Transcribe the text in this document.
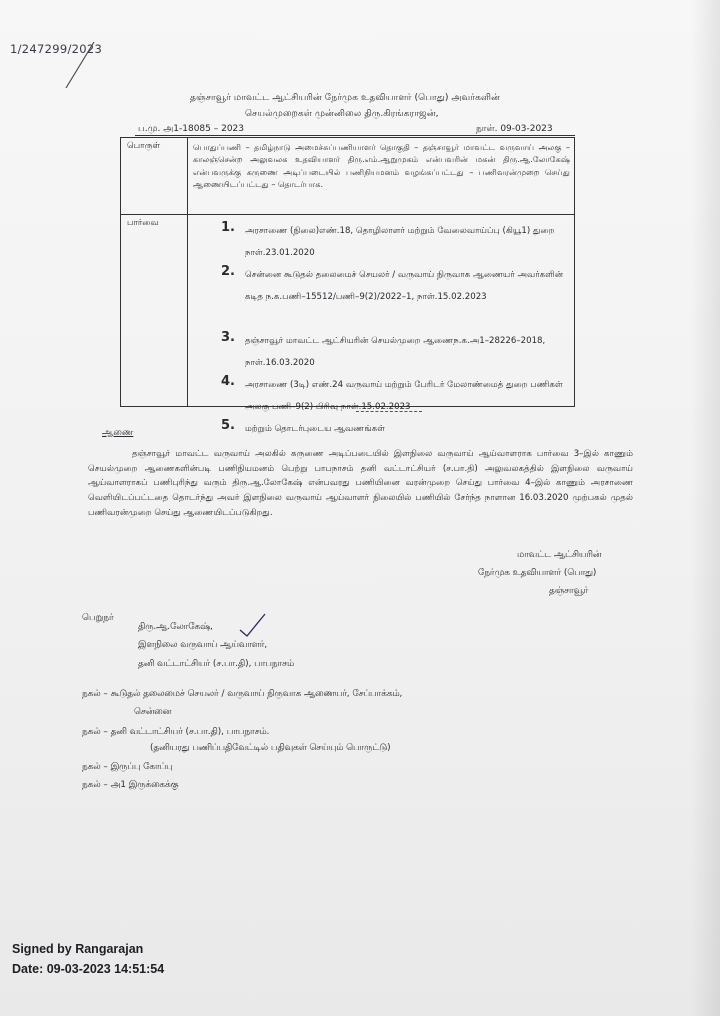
1/247299/2023
தஞ்சாவூர் மாவட்ட ஆட்சியரின் நேர்முக உதவியாளர் (பொது) அவர்களின்
செயல்முறைகள் முன்னிலை திரு.கிரங்கராஜன்,
ப.மு. அ1-18085 – 2023	நாள். 09-03-2023
பொருள்	பொதுப்பணி – தமிழ்நாடு அமைச்சுப்பணியாளர் தொகுதி – தஞ்சாவூர் மாவட்ட வருவாய் அலகு – காலஞ்சென்ற அலுவலக உதவியாளர் திரு.எம்.ஆறுமுகம் என்பவரின் மகன் திரு.ஆ.லோகேஷ் என்பவருக்கு கருணை அடிப்படையில் பணிநியமனம் வழங்கப்பட்டது – பணிவரன்முறை செய்து ஆணையிடப்பட்டது – தொடர்பாக.
பார்வை	1. அரசாணை (நிலை)எண்.18, தொழிலாளர் மற்றும் வேலைவாய்ப்பு (கியூ1) துறை நாள்.23.01.2020
2. சென்னை கூடுதல் தலைமைச் செயலர் / வருவாய் நிருவாக ஆணையர் அவர்களின் கடித ந.க.பணி–15512/பணி–9(2)/2022–1, நாள்.15.02.2023
3. தஞ்சாவூர் மாவட்ட ஆட்சியரின் செயல்முறை ஆணைந.க.அ1–28226–2018, நாள்.16.03.2020
4. அரசாணை (3டி) எண்.24 வருவாய் மற்றும் பேரிடர் மேலாண்மைத் துறை பணிகள் அலகு பணி–9(2) பிரிவு நாள்.15.02.2023
5. மற்றும் தொடர்புடைய ஆவணங்கள்
ஆணை
தஞ்சாவூர் மாவட்ட வருவாய் அலகில் கருணை அடிப்படையில் இளநிலை வருவாய் ஆய்வாளராக பார்வை 3–இல் காணும் செயல்முறை ஆணைகளின்படி பணிநியமனம் பெற்று பாபநாசம் தனி வட்டாட்சியர் (ச.பா.தி) அலுவலகத்தில் இளநிலை வருவாய் ஆய்வாளராகப் பணிபுரிந்து வரும் திரு.ஆ.லோகேஷ் என்பவரது பணியினை வரன்முறை செய்து பார்வை 4–இல் காணும் அரசாணை வெளியிடப்பட்டதை தொடர்ந்து அவர் இளநிலை வருவாய் ஆய்வாளர் நிலையில் பணியில் சேர்ந்த நாளான 16.03.2020 முற்பகல் முதல் பணிவரன்முறை செய்து ஆணையிடப்படுகிறது.
மாவட்ட ஆட்சியரின்
நேர்முக உதவியாளர் (பொது)
தஞ்சாவூர்
பெறுநர்
திரு.ஆ.லோகேஷ்,
இளநிலை வருவாய் ஆய்வாளர்,
தனி வட்டாட்சியர் (ச.பா.தி), பாபநாசம்
நகல் – கூடுதல் தலைமைச் செயலர் / வருவாய் நிருவாக ஆணையர், சேப்பாக்கம்,
சென்னை
நகல் – தனி வட்டாட்சியர் (ச.பா.தி), பாபநாசம்.
(தனியரது பணிப்பதிவேட்டில் பதிவுகள் செய்யும் பொருட்டு)
நகல் – இருப்பு கோப்பு
நகல் – அ1 இருக்கைக்கு
Signed by Rangarajan
Date: 09-03-2023 14:51:54
